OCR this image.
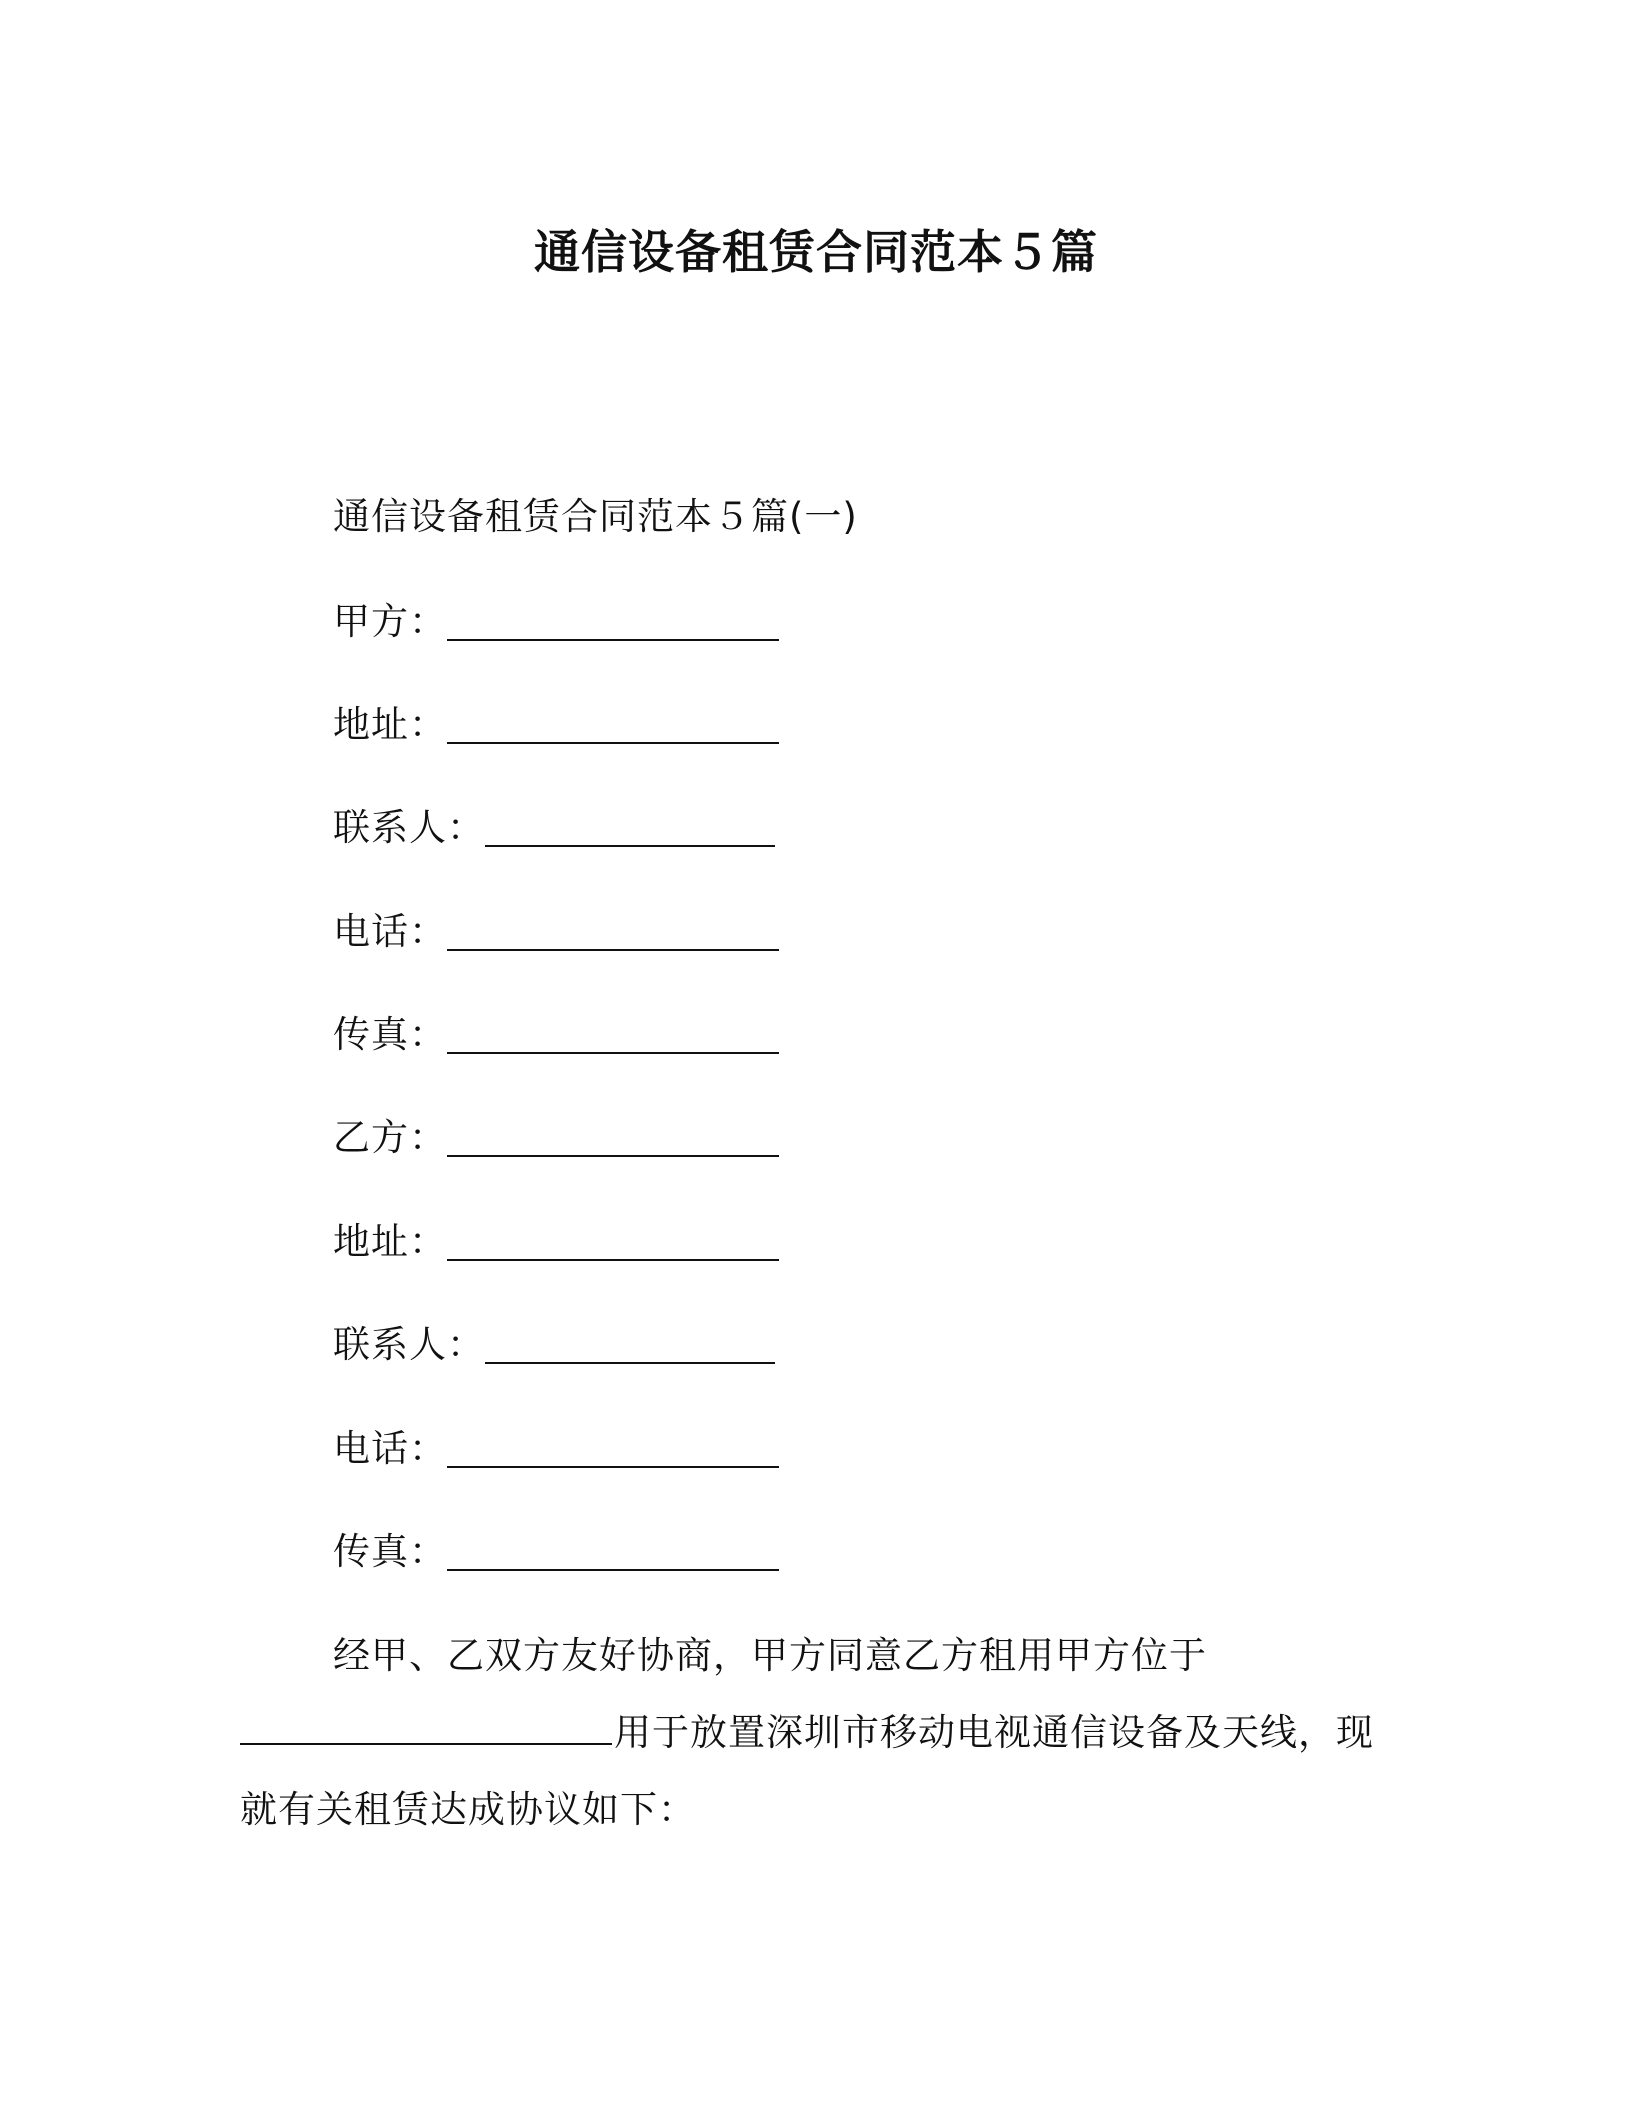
通信设备租赁合同范本５篇
通信设备租赁合同范本５篇(一)
甲方：
地址：
联系人：
电话：
传真：
乙方：
地址：
联系人：
电话：
传真：
经甲、乙双方友好协商，甲方同意乙方租用甲方位于
用于放置深圳市移动电视通信设备及天线，现
就有关租赁达成协议如下：
